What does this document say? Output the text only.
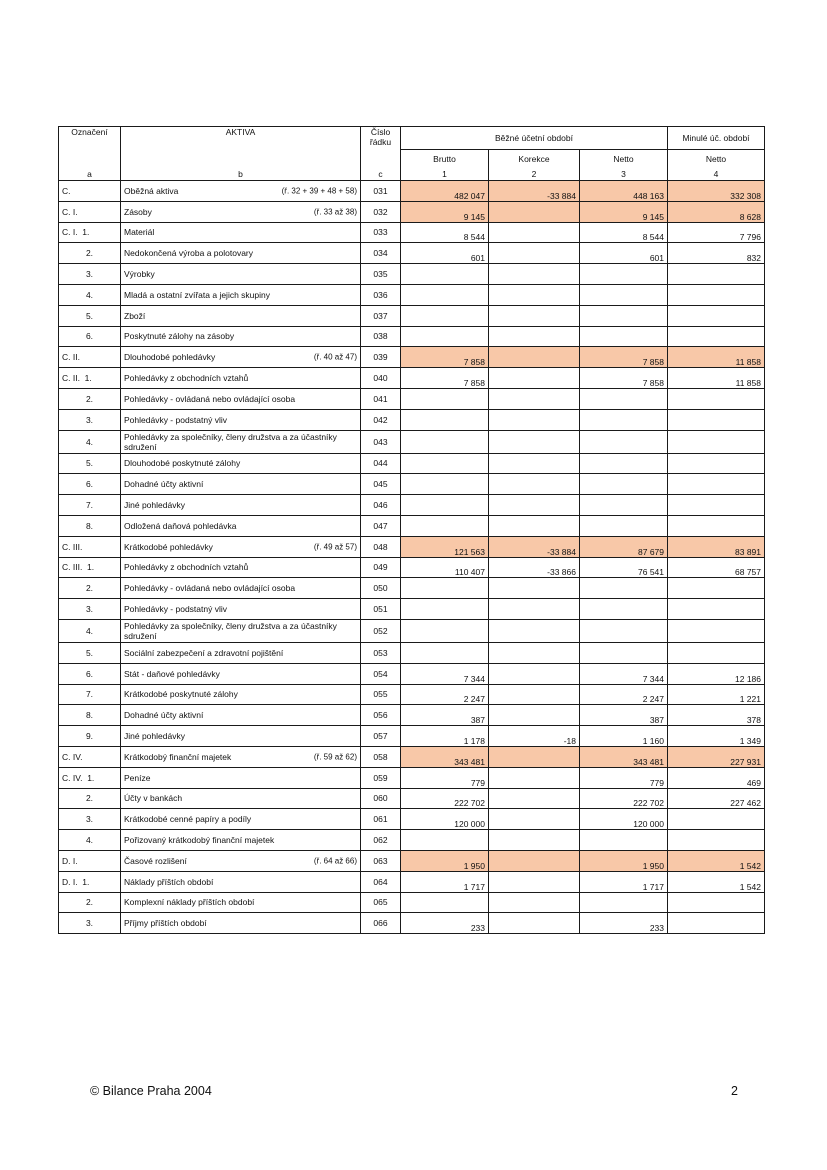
Označení	AKTIVA	Číslo řádku	Běžné účetní období			Minulé úč. období
			Brutto	Korekce	Netto	Netto
a	b	c	1	2	3	4
C.	Oběžná aktiva (ř. 32 + 39 + 48 + 58)	031	482 047	-33 884	448 163	332 308
C. I.	Zásoby (ř. 33 až 38)	032	9 145		9 145	8 628
C. I.  1.	Materiál	033	8 544		8 544	7 796
2.	Nedokončená výroba a polotovary	034	601		601	832
3.	Výrobky	035				
4.	Mladá a ostatní zvířata a jejich skupiny	036				
5.	Zboží	037				
6.	Poskytnuté zálohy na zásoby	038				
C. II.	Dlouhodobé pohledávky (ř. 40 až 47)	039	7 858		7 858	11 858
C. II.  1.	Pohledávky z obchodních vztahů	040	7 858		7 858	11 858
2.	Pohledávky - ovládaná nebo ovládající osoba	041				
3.	Pohledávky - podstatný vliv	042				
4.	Pohledávky za společníky, členy družstva a za účastníky sdružení	043				
5.	Dlouhodobé poskytnuté zálohy	044				
6.	Dohadné účty aktivní	045				
7.	Jiné pohledávky	046				
8.	Odložená daňová pohledávka	047				
C. III.	Krátkodobé pohledávky (ř. 49 až 57)	048	121 563	-33 884	87 679	83 891
C. III.  1.	Pohledávky z obchodních vztahů	049	110 407	-33 866	76 541	68 757
2.	Pohledávky - ovládaná nebo ovládající osoba	050				
3.	Pohledávky - podstatný vliv	051				
4.	Pohledávky za společníky, členy družstva a za účastníky sdružení	052				
5.	Sociální zabezpečení a zdravotní pojištění	053				
6.	Stát - daňové pohledávky	054	7 344		7 344	12 186
7.	Krátkodobé poskytnuté zálohy	055	2 247		2 247	1 221
8.	Dohadné účty aktivní	056	387		387	378
9.	Jiné pohledávky	057	1 178	-18	1 160	1 349
C. IV.	Krátkodobý finanční majetek (ř. 59 až 62)	058	343 481		343 481	227 931
C. IV.  1.	Peníze	059	779		779	469
2.	Účty v bankách	060	222 702		222 702	227 462
3.	Krátkodobé cenné papíry a podíly	061	120 000		120 000	
4.	Pořizovaný krátkodobý finanční majetek	062				
D. I.	Časové rozlišení (ř. 64 až 66)	063	1 950		1 950	1 542
D. I.  1.	Náklady příštích období	064	1 717		1 717	1 542
2.	Komplexní náklady příštích období	065				
3.	Příjmy příštích období	066	233		233	
© Bilance Praha 2004	2
